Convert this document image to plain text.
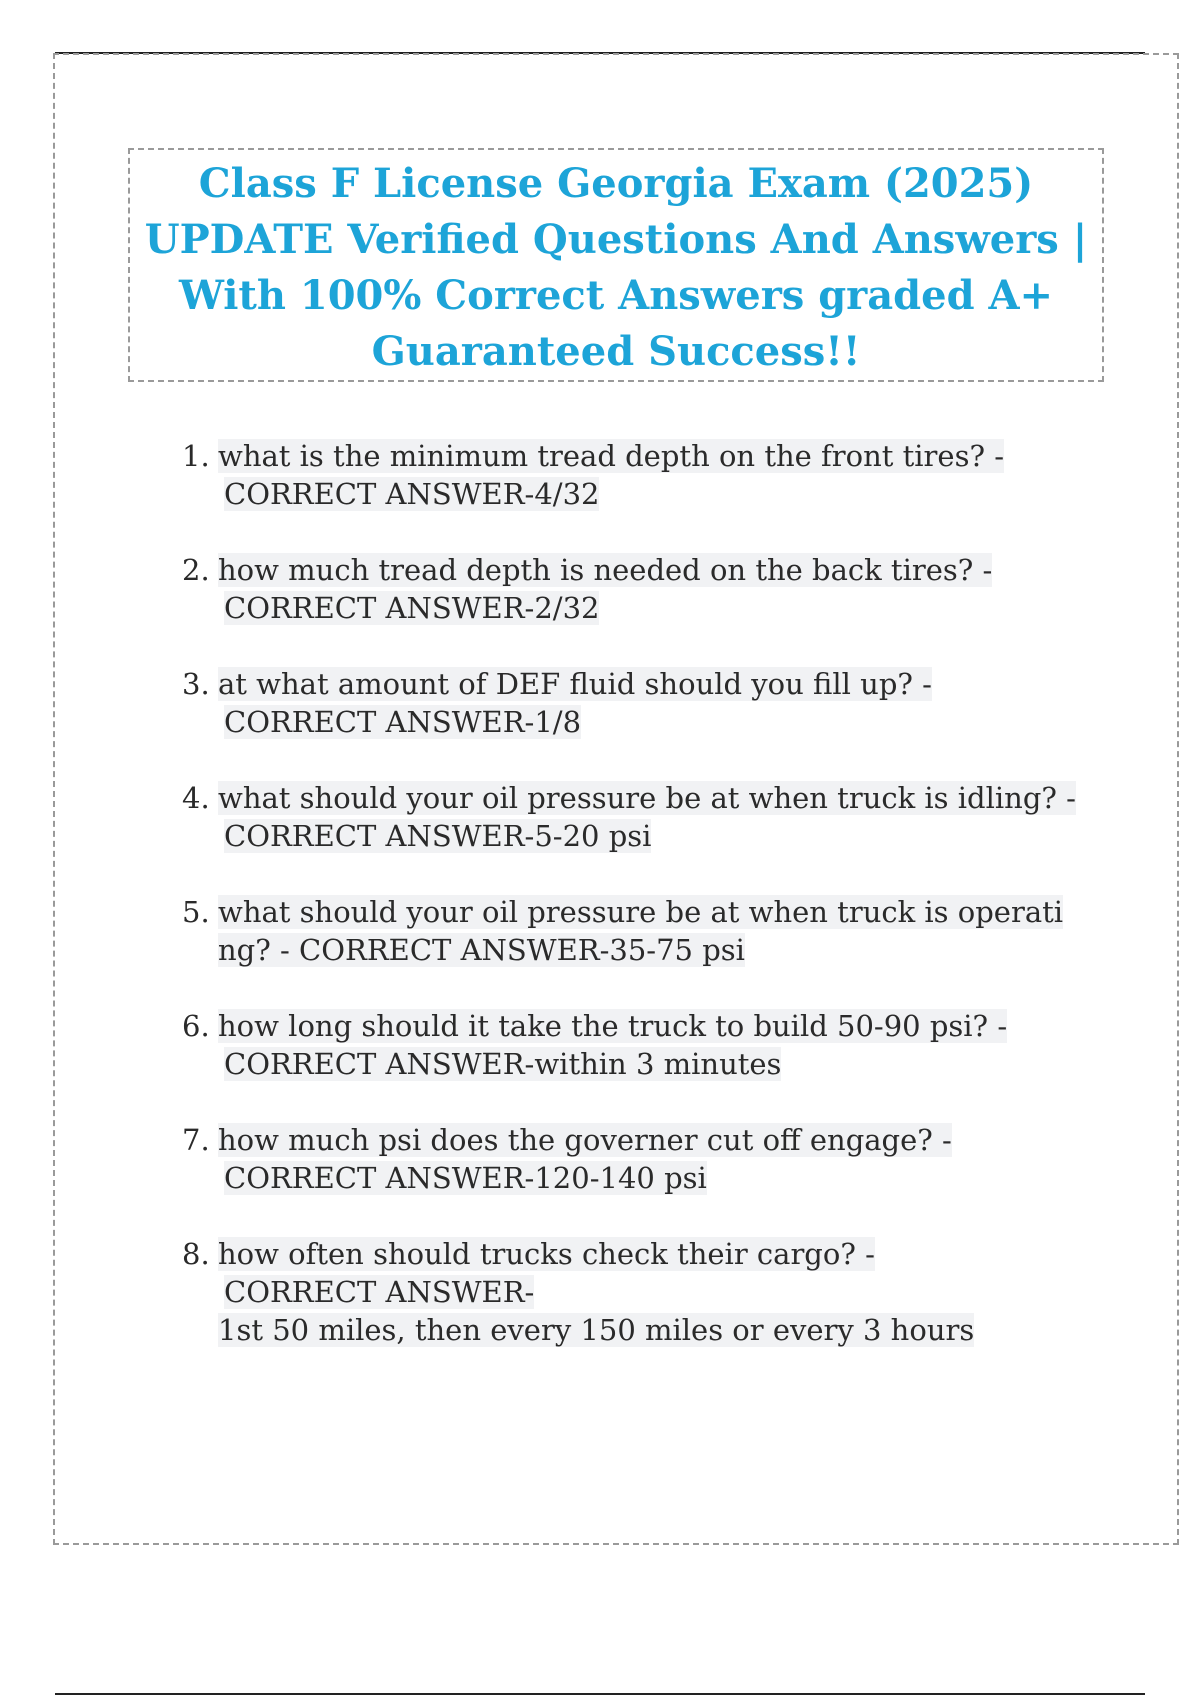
Class F License Georgia Exam (2025)
UPDATE Verified Questions And Answers |
With 100% Correct Answers graded A+
Guaranteed Success!!
1. what is the minimum tread depth on the front tires? -
CORRECT ANSWER-4/32
2. how much tread depth is needed on the back tires? -
CORRECT ANSWER-2/32
3. at what amount of DEF fluid should you fill up? -
CORRECT ANSWER-1/8
4. what should your oil pressure be at when truck is idling? -
CORRECT ANSWER-5-20 psi
5. what should your oil pressure be at when truck is operati
ng? - CORRECT ANSWER-35-75 psi
6. how long should it take the truck to build 50-90 psi? -
CORRECT ANSWER-within 3 minutes
7. how much psi does the governer cut off engage? -
CORRECT ANSWER-120-140 psi
8. how often should trucks check their cargo? -
CORRECT ANSWER-
1st 50 miles, then every 150 miles or every 3 hours
